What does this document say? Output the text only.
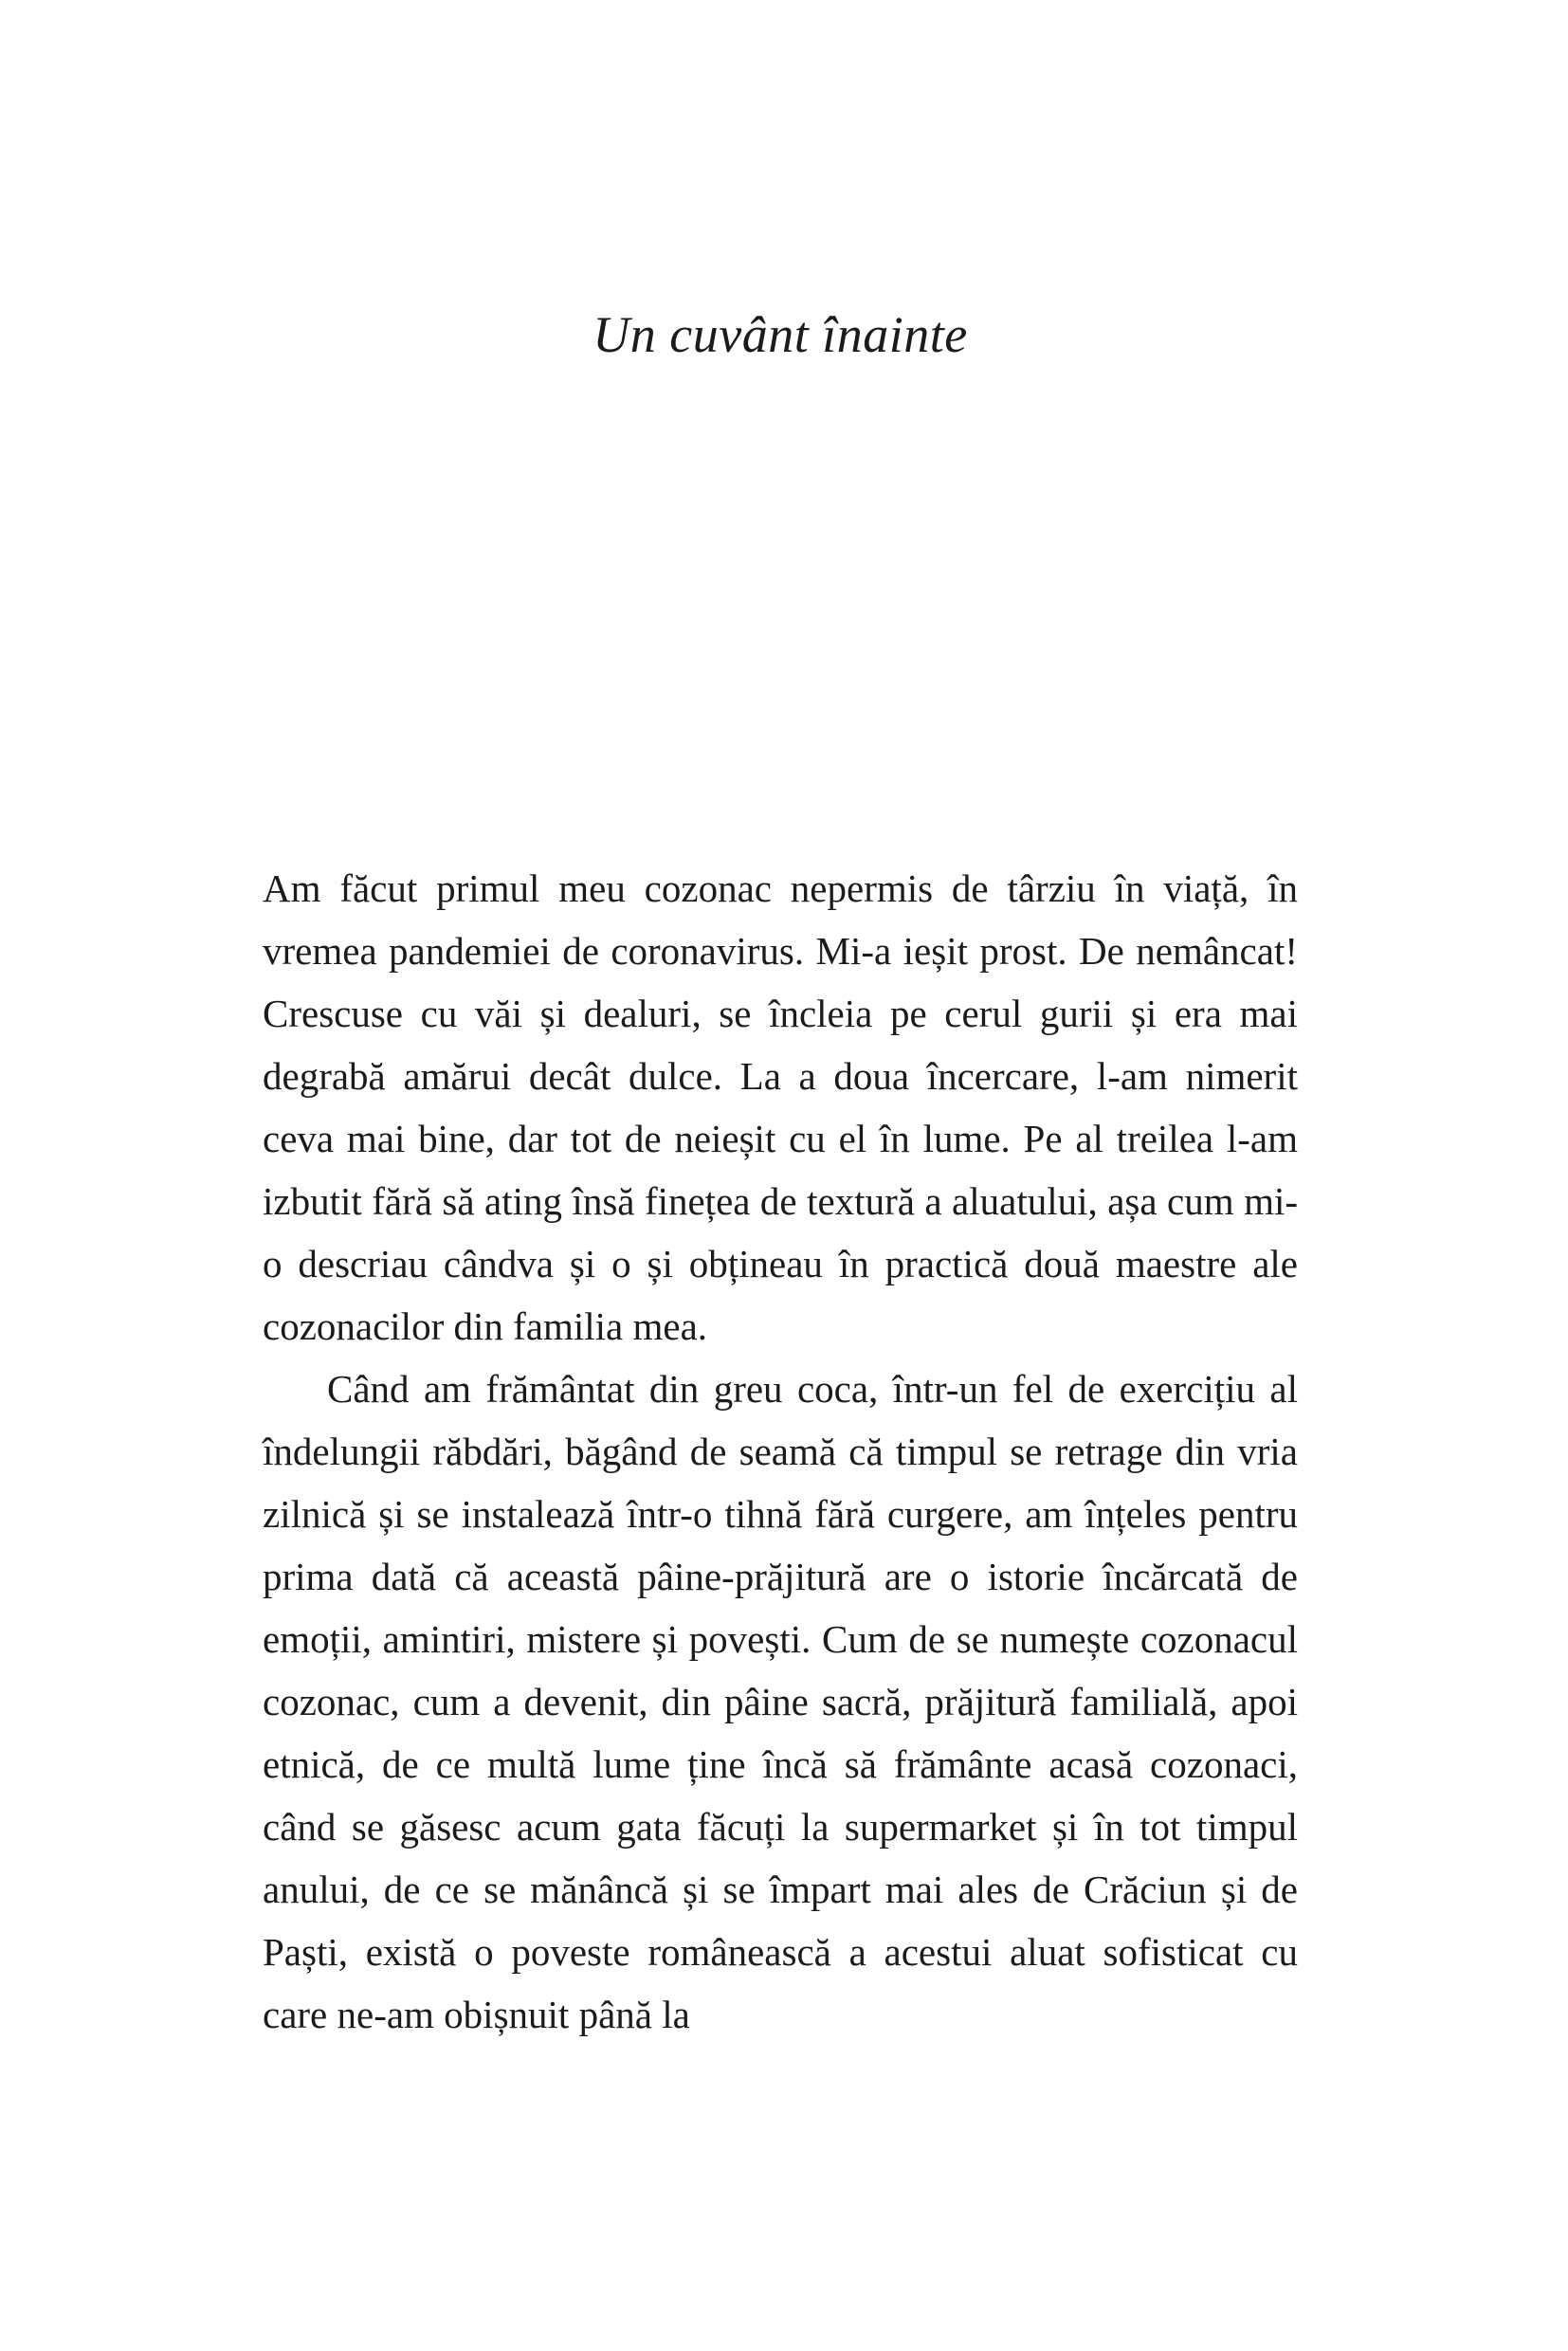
Un cuvânt înainte

Am făcut primul meu cozonac nepermis de târziu în viață, în vremea pandemiei de coronavirus. Mi-a ieșit prost. De nemâncat! Crescuse cu văi și dealuri, se încleia pe cerul gurii și era mai degrabă amărui decât dulce. La a doua încercare, l-am nimerit ceva mai bine, dar tot de neieșit cu el în lume. Pe al treilea l-am izbutit fără să ating însă finețea de textură a aluatului, așa cum mi-o descriau cândva și o și obțineau în practică două maestre ale cozonacilor din familia mea.

Când am frământat din greu coca, într-un fel de exercițiu al îndelungii răbdări, băgând de seamă că timpul se retrage din vria zilnică și se instalează într-o tihnă fără curgere, am înțeles pentru prima dată că această pâine-prăjitură are o istorie încărcată de emoții, amintiri, mistere și povești. Cum de se numește cozonacul cozonac, cum a devenit, din pâine sacră, prăjitură familială, apoi etnică, de ce multă lume ține încă să frământe acasă cozonaci, când se găsesc acum gata făcuți la supermarket și în tot timpul anului, de ce se mănâncă și se împart mai ales de Crăciun și de Paști, există o poveste românească a acestui aluat sofisticat cu care ne-am obișnuit până la
